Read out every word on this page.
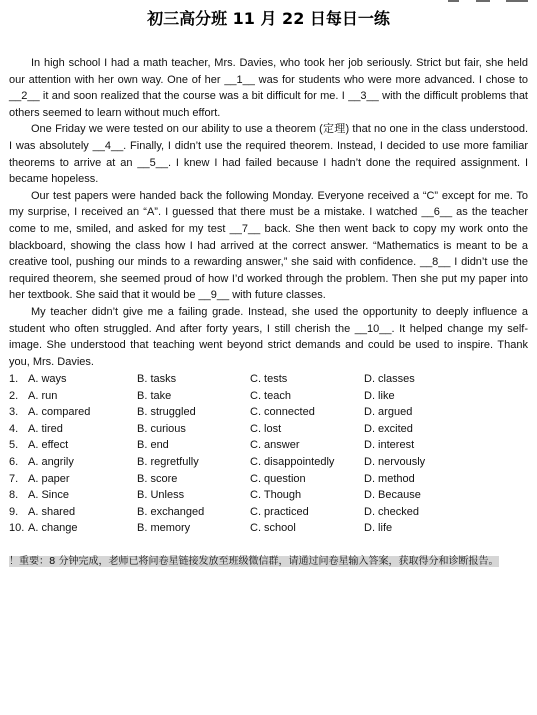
初三高分班 11 月 22 日每日一练

In high school I had a math teacher, Mrs. Davies, who took her job seriously. Strict but fair, she held our attention with her own way. One of her __1__ was for students who were more advanced. I chose to __2__ it and soon realized that the course was a bit difficult for me. I __3__ with the difficult problems that others seemed to learn without much effort.

One Friday we were tested on our ability to use a theorem (定理) that no one in the class understood. I was absolutely __4__. Finally, I didn’t use the required theorem. Instead, I decided to use more familiar theorems to arrive at an __5__. I knew I had failed because I hadn’t done the required assignment. I became hopeless.

Our test papers were handed back the following Monday. Everyone received a “C” except for me. To my surprise, I received an “A”. I guessed that there must be a mistake. I watched __6__ as the teacher come to me, smiled, and asked for my test __7__ back. She then went back to copy my work onto the blackboard, showing the class how I had arrived at the correct answer. “Mathematics is meant to be a creative tool, pushing our minds to a rewarding answer,” she said with confidence. __8__ I didn’t use the required theorem, she seemed proud of how I’d worked through the problem. Then she put my paper into her textbook. She said that it would be __9__ with future classes.

My teacher didn’t give me a failing grade. Instead, she used the opportunity to deeply influence a student who often struggled. And after forty years, I still cherish the __10__. It helped change my self-image. She understood that teaching went beyond strict demands and could be used to inspire. Thank you, Mrs. Davies.

1. A. ways	B. tasks	C. tests	D. classes
2. A. run	B. take	C. teach	D. like
3. A. compared	B. struggled	C. connected	D. argued
4. A. tired	B. curious	C. lost	D. excited
5. A. effect	B. end	C. answer	D. interest
6. A. angrily	B. regretfully	C. disappointedly	D. nervously
7. A. paper	B. score	C. question	D. method
8. A. Since	B. Unless	C. Though	D. Because
9. A. shared	B. exchanged	C. practiced	D. checked
10. A. change	B. memory	C. school	D. life
！重要：8 分钟完成，老师已将问卷星链接发放至班级微信群，请通过问卷星输入答案，获取得分和诊断报告。
